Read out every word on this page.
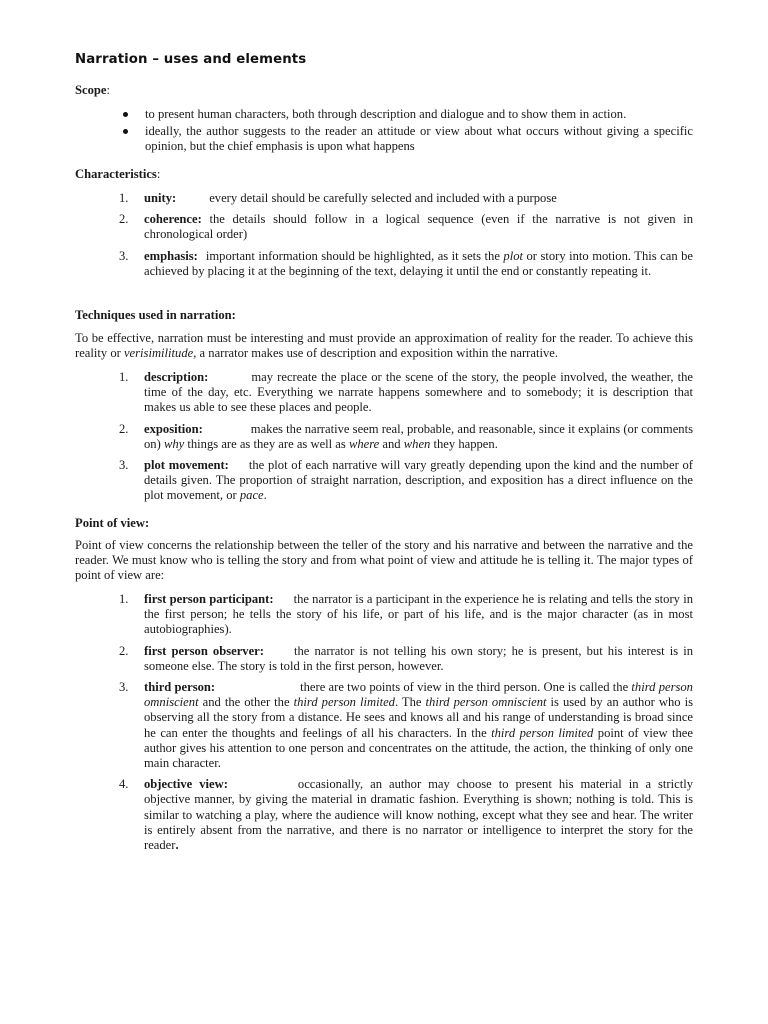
Narration – uses and elements
Scope:
to present human characters, both through description and dialogue and to show them in action.
ideally, the author suggests to the reader an attitude or view about what occurs without giving a specific opinion, but the chief emphasis is upon what happens
Characteristics:
1. unity:	every detail should be carefully selected and included with a purpose
2. coherence: the details should follow in a logical sequence (even if the narrative is not given in chronological order)
3. emphasis: important information should be highlighted, as it sets the plot or story into motion. This can be achieved by placing it at the beginning of the text, delaying it until the end or constantly repeating it.
Techniques used in narration:
To be effective, narration must be interesting and must provide an approximation of reality for the reader. To achieve this reality or verisimilitude, a narrator makes use of description and exposition within the narrative.
1. description:	may recreate the place or the scene of the story, the people involved, the weather, the time of the day, etc. Everything we narrate happens somewhere and to somebody; it is description that makes us able to see these places and people.
2. exposition:	makes the narrative seem real, probable, and reasonable, since it explains (or comments on) why things are as they are as well as where and when they happen.
3. plot movement: the plot of each narrative will vary greatly depending upon the kind and the number of details given. The proportion of straight narration, description, and exposition has a direct influence on the plot movement, or pace.
Point of view:
Point of view concerns the relationship between the teller of the story and his narrative and between the narrative and the reader. We must know who is telling the story and from what point of view and attitude he is telling it. The major types of point of view are:
1. first person participant: the narrator is a participant in the experience he is relating and tells the story in the first person; he tells the story of his life, or part of his life, and is the major character (as in most autobiographies).
2. first person observer: the narrator is not telling his own story; he is present, but his interest is in someone else. The story is told in the first person, however.
3. third person:	there are two points of view in the third person. One is called the third person omniscient and the other the third person limited. The third person omniscient is used by an author who is observing all the story from a distance. He sees and knows all and his range of understanding is broad since he can enter the thoughts and feelings of all his characters. In the third person limited point of view thee author gives his attention to one person and concentrates on the attitude, the action, the thinking of only one main character.
4. objective view:	occasionally, an author may choose to present his material in a strictly objective manner, by giving the material in dramatic fashion. Everything is shown; nothing is told. This is similar to watching a play, where the audience will know nothing, except what they see and hear. The writer is entirely absent from the narrative, and there is no narrator or intelligence to interpret the story for the reader.
